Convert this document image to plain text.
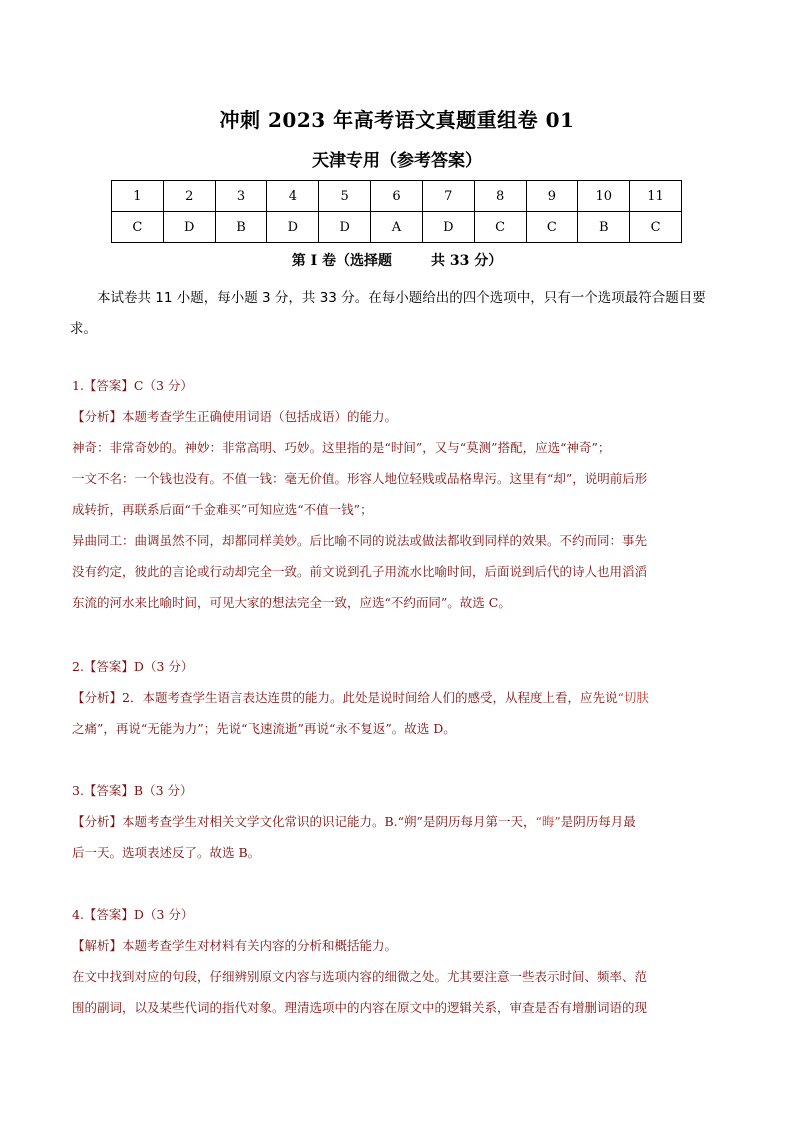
冲刺 2023 年高考语文真题重组卷 01
天津专用（参考答案）
1	2	3	4	5	6	7	8	9	10	11
C	D	B	D	D	A	D	C	C	B	C
第 I 卷（选择题        共 33 分）
本试卷共 11 小题，每小题 3 分，共 33 分。在每小题给出的四个选项中，只有一个选项最符合题目要求。
1.【答案】C（3 分）
【分析】本题考查学生正确使用词语（包括成语）的能力。
神奇：非常奇妙的。神妙：非常高明、巧妙。这里指的是“时间”，又与“莫测”搭配，应选“神奇”；
一文不名：一个钱也没有。不值一钱：毫无价值。形容人地位轻贱或品格卑污。这里有“却”，说明前后形
成转折，再联系后面“千金难买”可知应选“不值一钱”；
异曲同工：曲调虽然不同，却都同样美妙。后比喻不同的说法或做法都收到同样的效果。不约而同：事先
没有约定，彼此的言论或行动却完全一致。前文说到孔子用流水比喻时间，后面说到后代的诗人也用滔滔
东流的河水来比喻时间，可见大家的想法完全一致，应选“不约而同”。故选 C。
2.【答案】D（3 分）
【分析】2．本题考查学生语言表达连贯的能力。此处是说时间给人们的感受，从程度上看，应先说“切肤
之痛”，再说“无能为力”；先说“飞速流逝”再说“永不复返”。故选 D。
3.【答案】B（3 分）
【分析】本题考查学生对相关文学文化常识的识记能力。B.“朔”是阴历每月第一天，“晦”是阴历每月最
后一天。选项表述反了。故选 B。
4.【答案】D（3 分）
【解析】本题考查学生对材料有关内容的分析和概括能力。
在文中找到对应的句段，仔细辨别原文内容与选项内容的细微之处。尤其要注意一些表示时间、频率、范
围的副词，以及某些代词的指代对象。理清选项中的内容在原文中的逻辑关系，审查是否有增删词语的现
